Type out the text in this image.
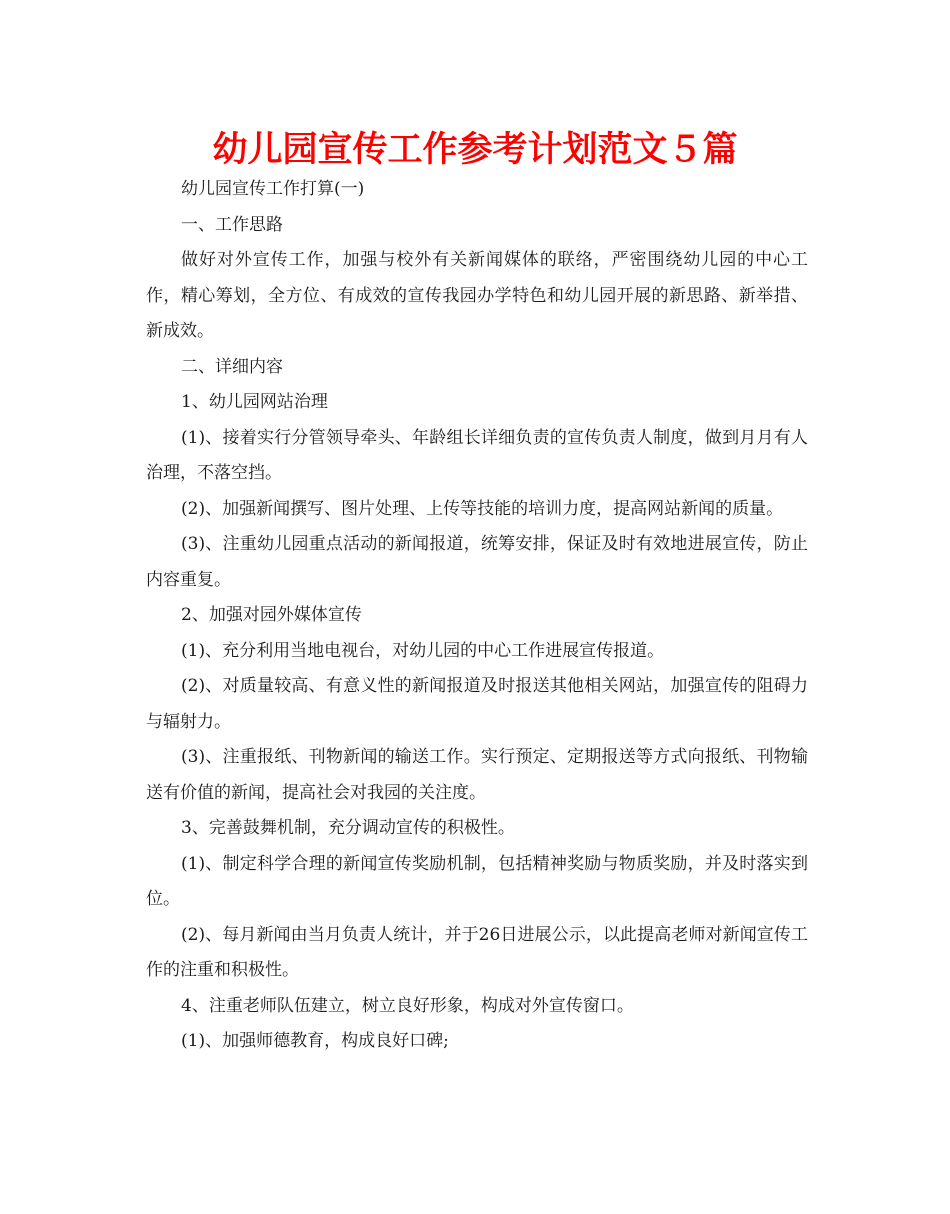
幼儿园宣传工作参考计划范文５篇

幼儿园宣传工作打算(一)

一、工作思路

做好对外宣传工作，加强与校外有关新闻媒体的联络，严密围绕幼儿园的中心工作，精心筹划，全方位、有成效的宣传我园办学特色和幼儿园开展的新思路、新举措、新成效。

二、详细内容

1、幼儿园网站治理

(1)、接着实行分管领导牵头、年龄组长详细负责的宣传负责人制度，做到月月有人治理，不落空挡。

(2)、加强新闻撰写、图片处理、上传等技能的培训力度，提高网站新闻的质量。

(3)、注重幼儿园重点活动的新闻报道，统筹安排，保证及时有效地进展宣传，防止内容重复。

2、加强对园外媒体宣传

(1)、充分利用当地电视台，对幼儿园的中心工作进展宣传报道。

(2)、对质量较高、有意义性的新闻报道及时报送其他相关网站，加强宣传的阻碍力与辐射力。

(3)、注重报纸、刊物新闻的输送工作。实行预定、定期报送等方式向报纸、刊物输送有价值的新闻，提高社会对我园的关注度。

3、完善鼓舞机制，充分调动宣传的积极性。

(1)、制定科学合理的新闻宣传奖励机制，包括精神奖励与物质奖励，并及时落实到位。

(2)、每月新闻由当月负责人统计，并于26日进展公示，以此提高老师对新闻宣传工作的注重和积极性。

4、注重老师队伍建立，树立良好形象，构成对外宣传窗口。

(1)、加强师德教育，构成良好口碑;
